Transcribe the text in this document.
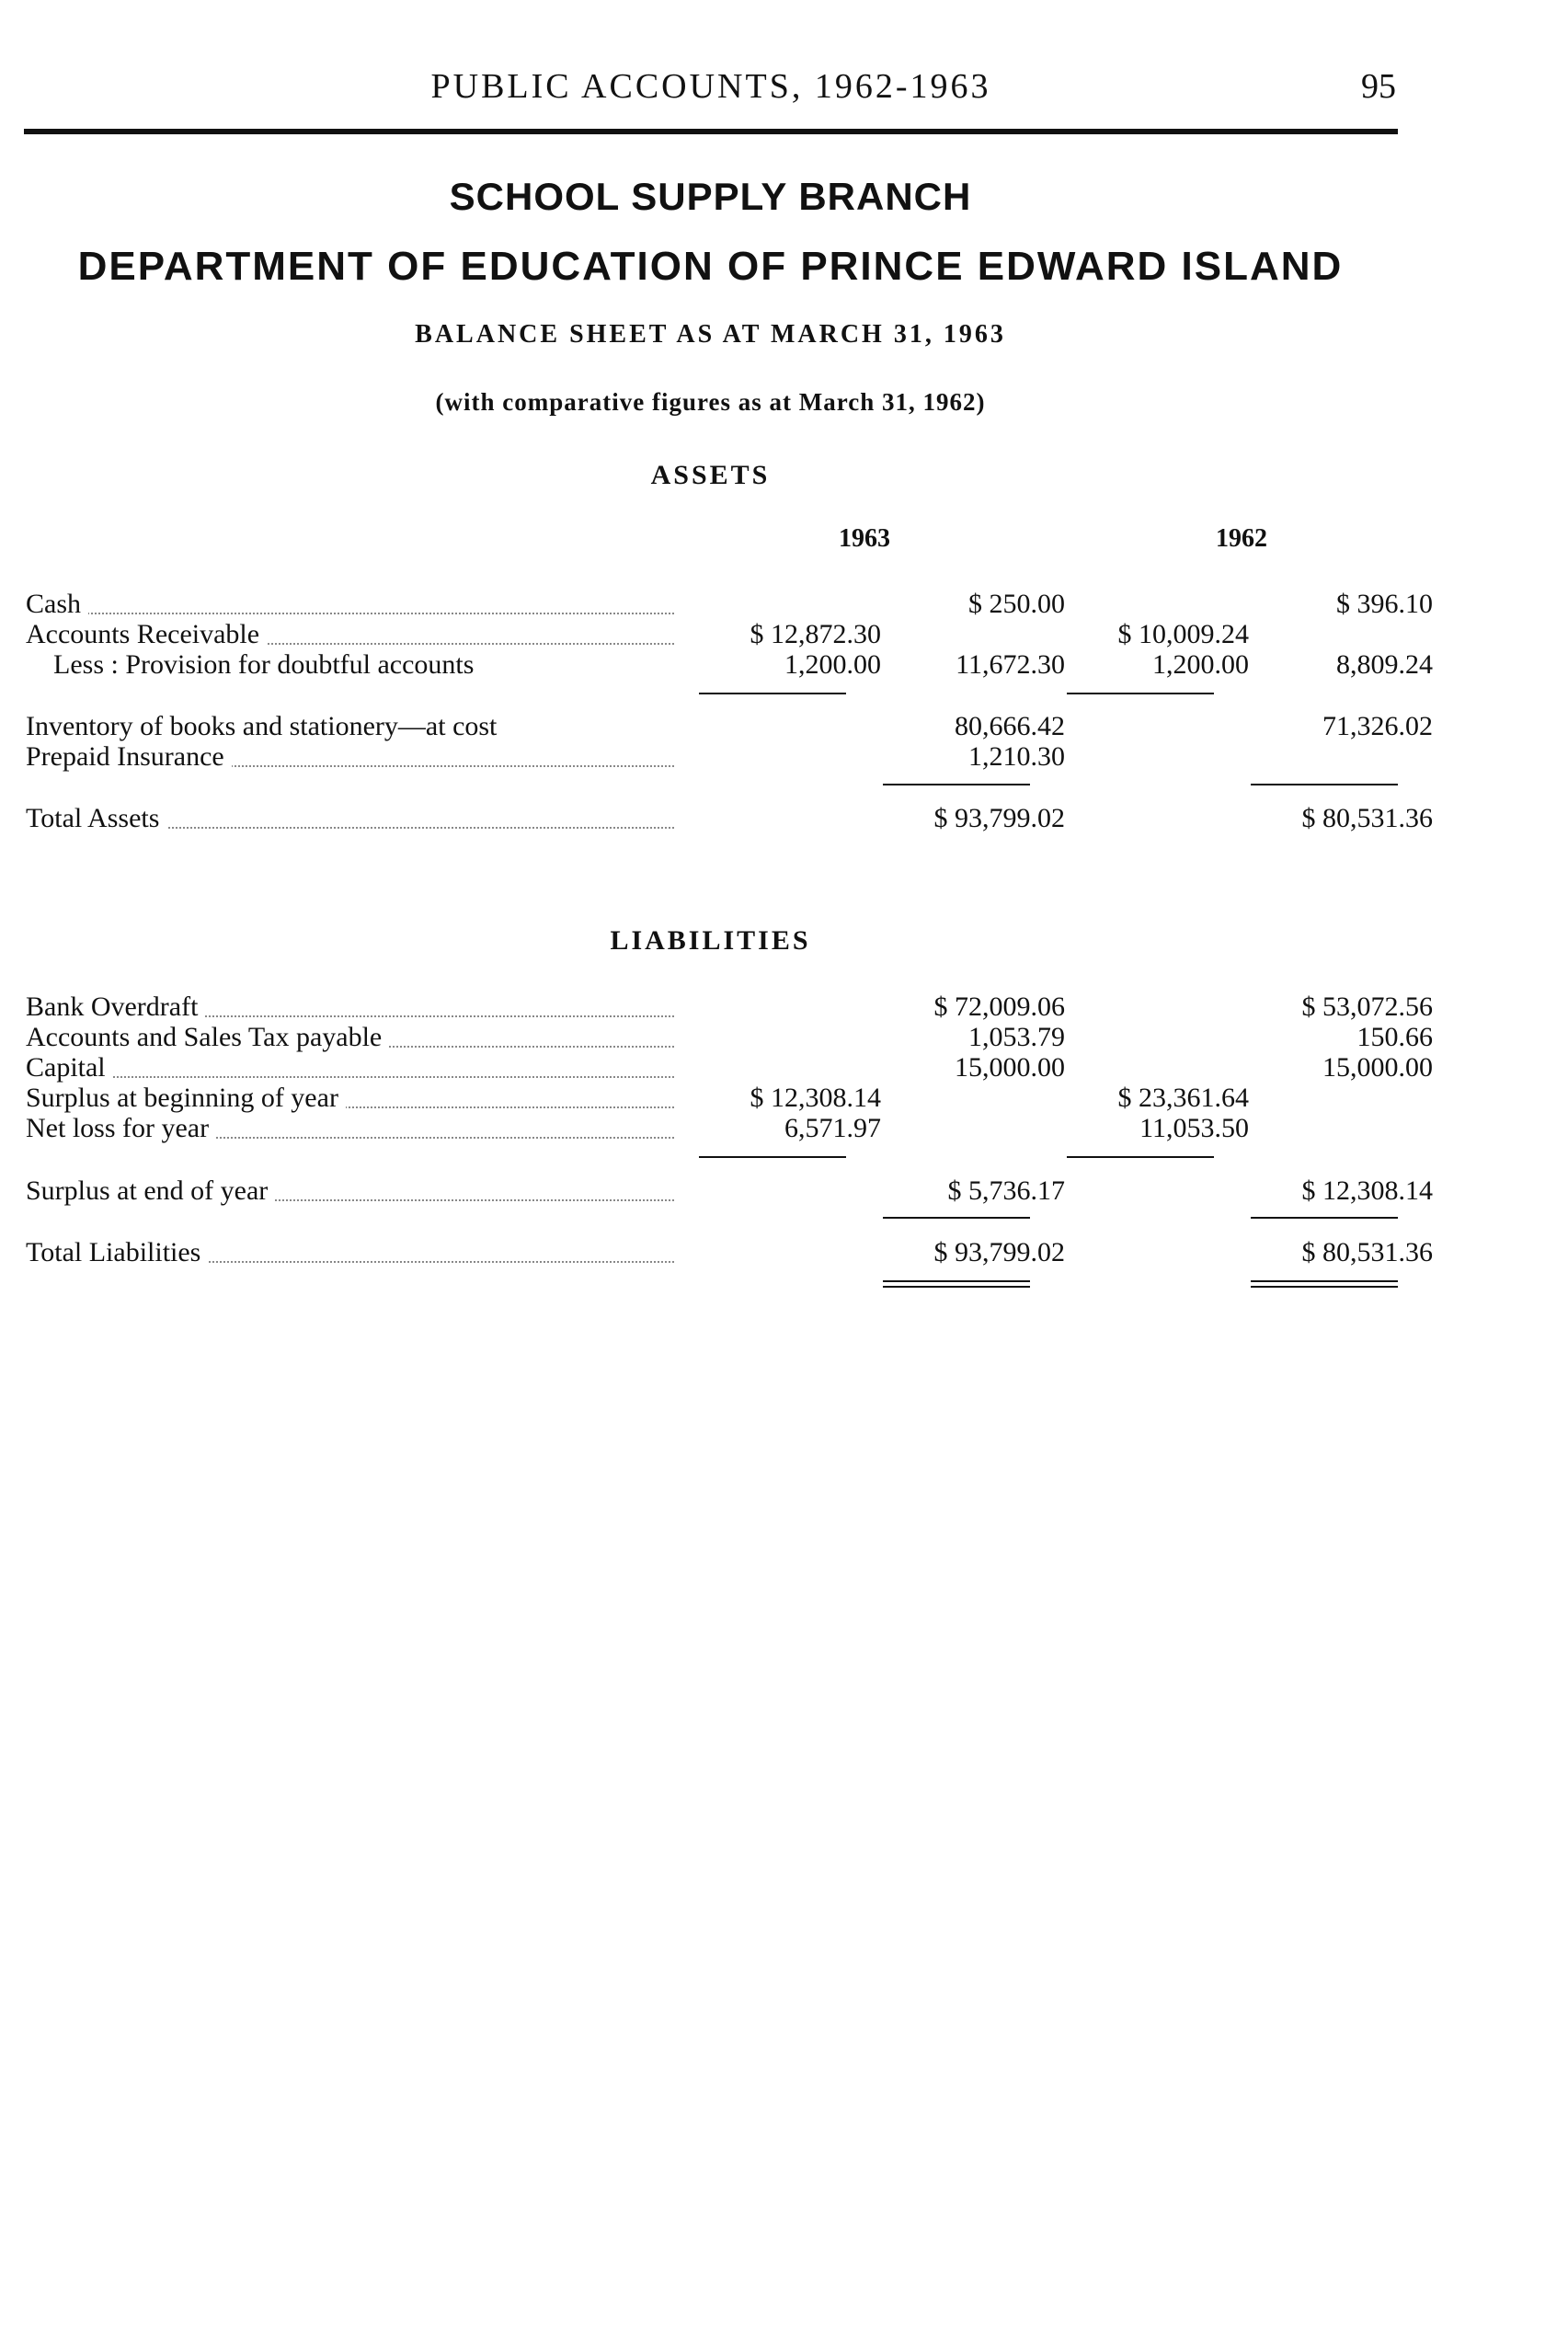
PUBLIC ACCOUNTS, 1962-1963	95
SCHOOL SUPPLY BRANCH
DEPARTMENT OF EDUCATION OF PRINCE EDWARD ISLAND
BALANCE SHEET AS AT MARCH 31, 1963
(with comparative figures as at March 31, 1962)
ASSETS
1963	1962
Cash	$ 250.00	$ 396.10
Accounts Receivable	$ 12,872.30	$ 10,009.24
Less : Provision for doubtful accounts	1,200.00	11,672.30	1,200.00	8,809.24
Inventory of books and stationery—at cost	80,666.42	71,326.02
Prepaid Insurance	1,210.30
Total Assets	$ 93,799.02	$ 80,531.36
LIABILITIES
Bank Overdraft	$ 72,009.06	$ 53,072.56
Accounts and Sales Tax payable	1,053.79	150.66
Capital	15,000.00	15,000.00
Surplus at beginning of year	$ 12,308.14	$ 23,361.64
Net loss for year	6,571.97	11,053.50
Surplus at end of year	$ 5,736.17	$ 12,308.14
Total Liabilities	$ 93,799.02	$ 80,531.36
